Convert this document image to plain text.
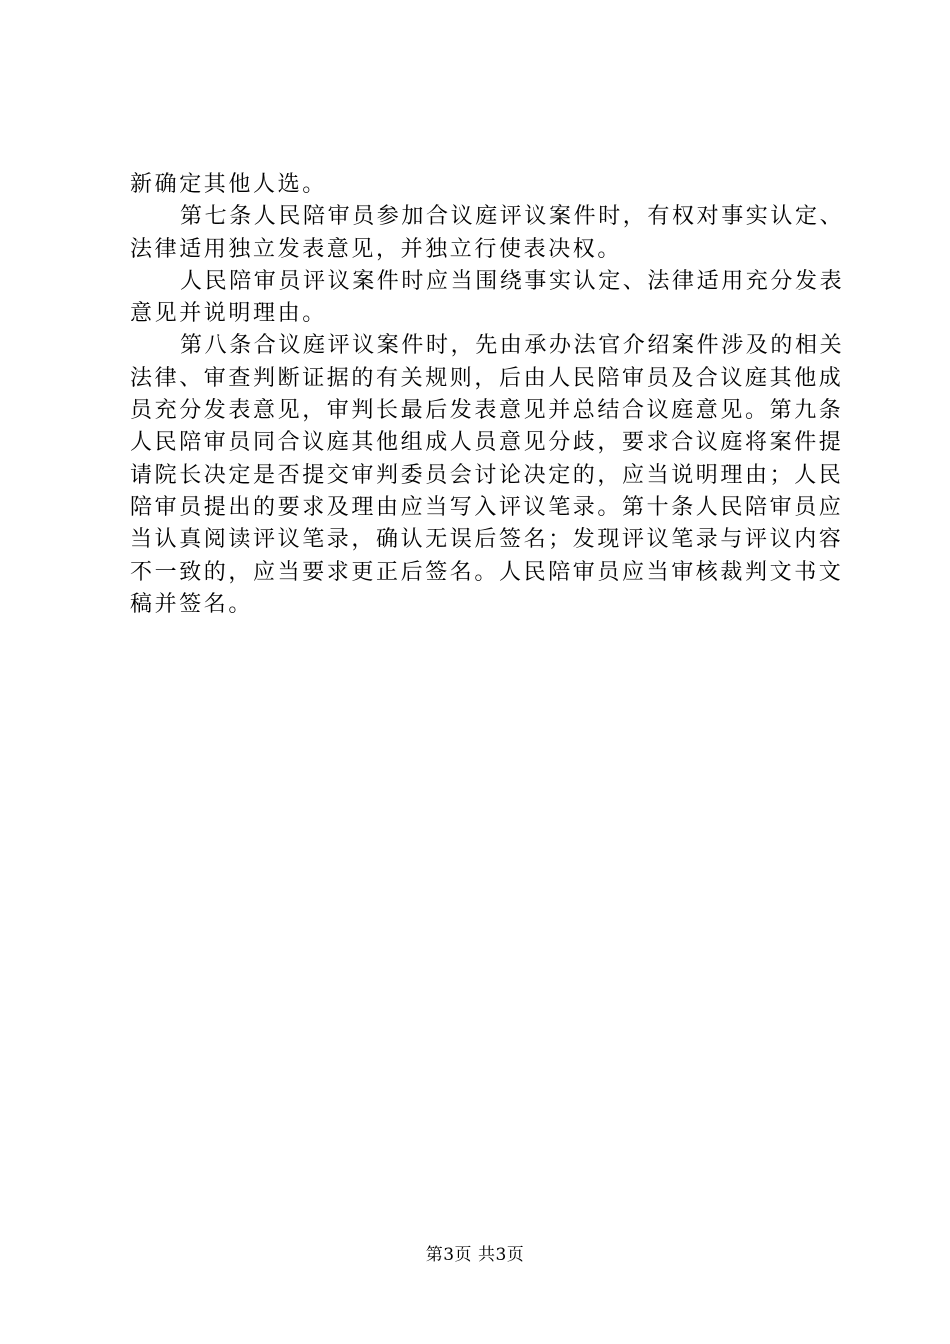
新确定其他人选。

第七条人民陪审员参加合议庭评议案件时，有权对事实认定、法律适用独立发表意见，并独立行使表决权。

人民陪审员评议案件时应当围绕事实认定、法律适用充分发表意见并说明理由。

第八条合议庭评议案件时，先由承办法官介绍案件涉及的相关法律、审查判断证据的有关规则，后由人民陪审员及合议庭其他成员充分发表意见，审判长最后发表意见并总结合议庭意见。第九条人民陪审员同合议庭其他组成人员意见分歧，要求合议庭将案件提请院长决定是否提交审判委员会讨论决定的，应当说明理由；人民陪审员提出的要求及理由应当写入评议笔录。第十条人民陪审员应当认真阅读评议笔录，确认无误后签名；发现评议笔录与评议内容不一致的，应当要求更正后签名。人民陪审员应当审核裁判文书文稿并签名。

第3页 共3页
